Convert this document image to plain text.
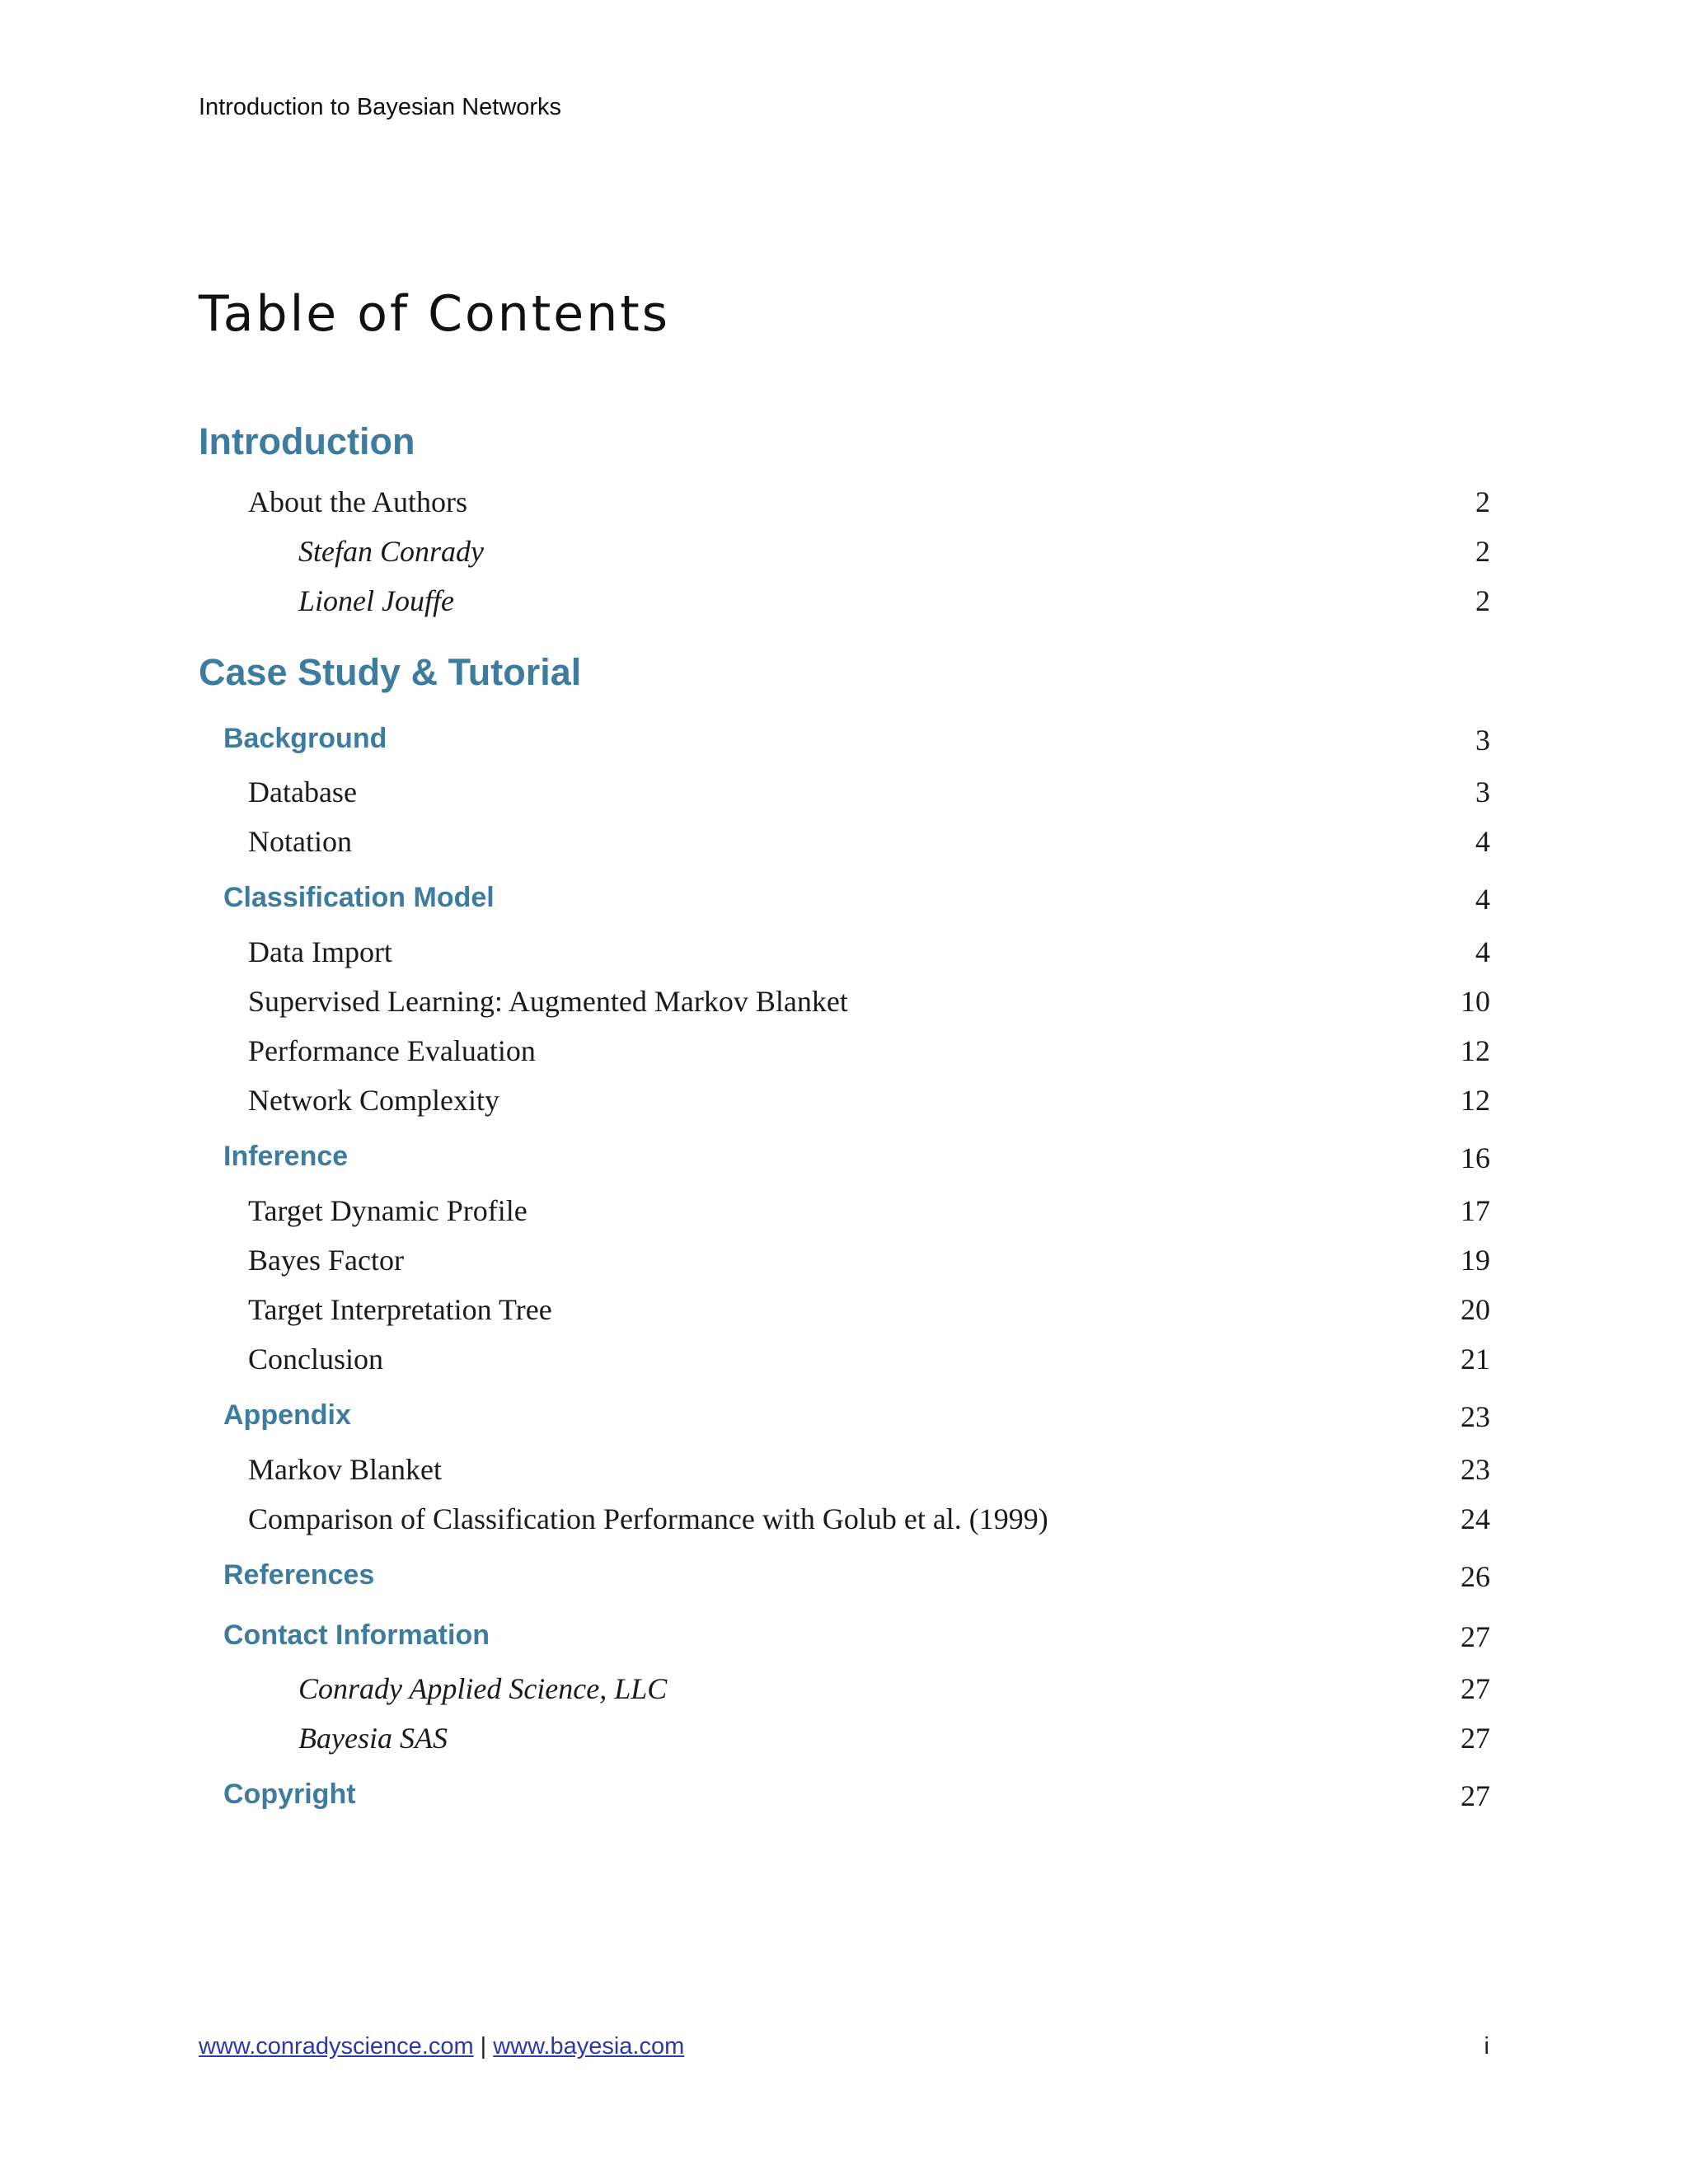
Introduction to Bayesian Networks
Table of Contents
Introduction
About the Authors	2
Stefan Conrady	2
Lionel Jouffe	2
Case Study & Tutorial
Background	3
Database	3
Notation	4
Classification Model	4
Data Import	4
Supervised Learning: Augmented Markov Blanket	10
Performance Evaluation	12
Network Complexity	12
Inference	16
Target Dynamic Profile	17
Bayes Factor	19
Target Interpretation Tree	20
Conclusion	21
Appendix	23
Markov Blanket	23
Comparison of Classification Performance with Golub et al. (1999)	24
References	26
Contact Information	27
Conrady Applied Science, LLC	27
Bayesia SAS	27
Copyright	27
www.conradyscience.com | www.bayesia.com	i
